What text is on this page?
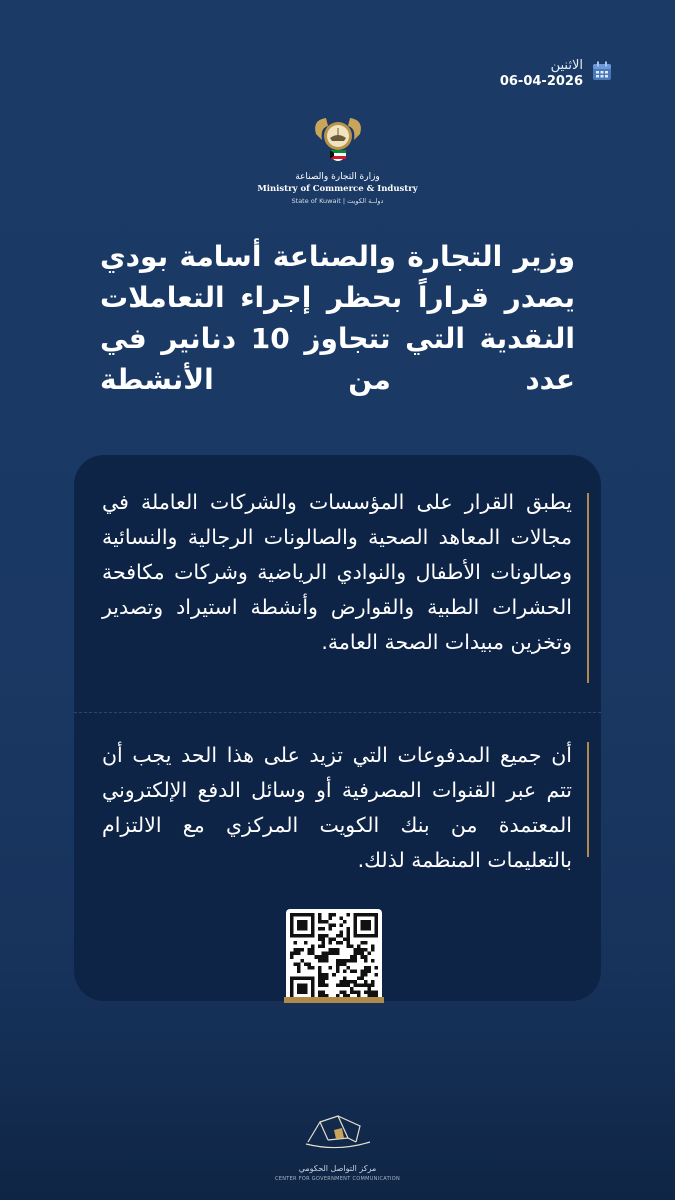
الاثنين
06-04-2026
وزارة التجارة والصناعة
Ministry of Commerce & Industry
State of Kuwait | دولــة الكويت
وزير التجارة والصناعة أسامة بودي يصدر قراراً بحظر إجراء التعاملات النقدية التي تتجاوز 10 دنانير في عدد من الأنشطة
يطبق القرار على المؤسسات والشركات العاملة في مجالات المعاهد الصحية والصالونات الرجالية والنسائية وصالونات الأطفال والنوادي الرياضية وشركات مكافحة الحشرات الطبية والقوارض وأنشطة استيراد وتصدير وتخزين مبيدات الصحة العامة.
أن جميع المدفوعات التي تزيد على هذا الحد يجب أن تتم عبر القنوات المصرفية أو وسائل الدفع الإلكتروني المعتمدة من بنك الكويت المركزي مع الالتزام بالتعليمات المنظمة لذلك.
مركز التواصل الحكومي
CENTER FOR GOVERNMENT COMMUNICATION
